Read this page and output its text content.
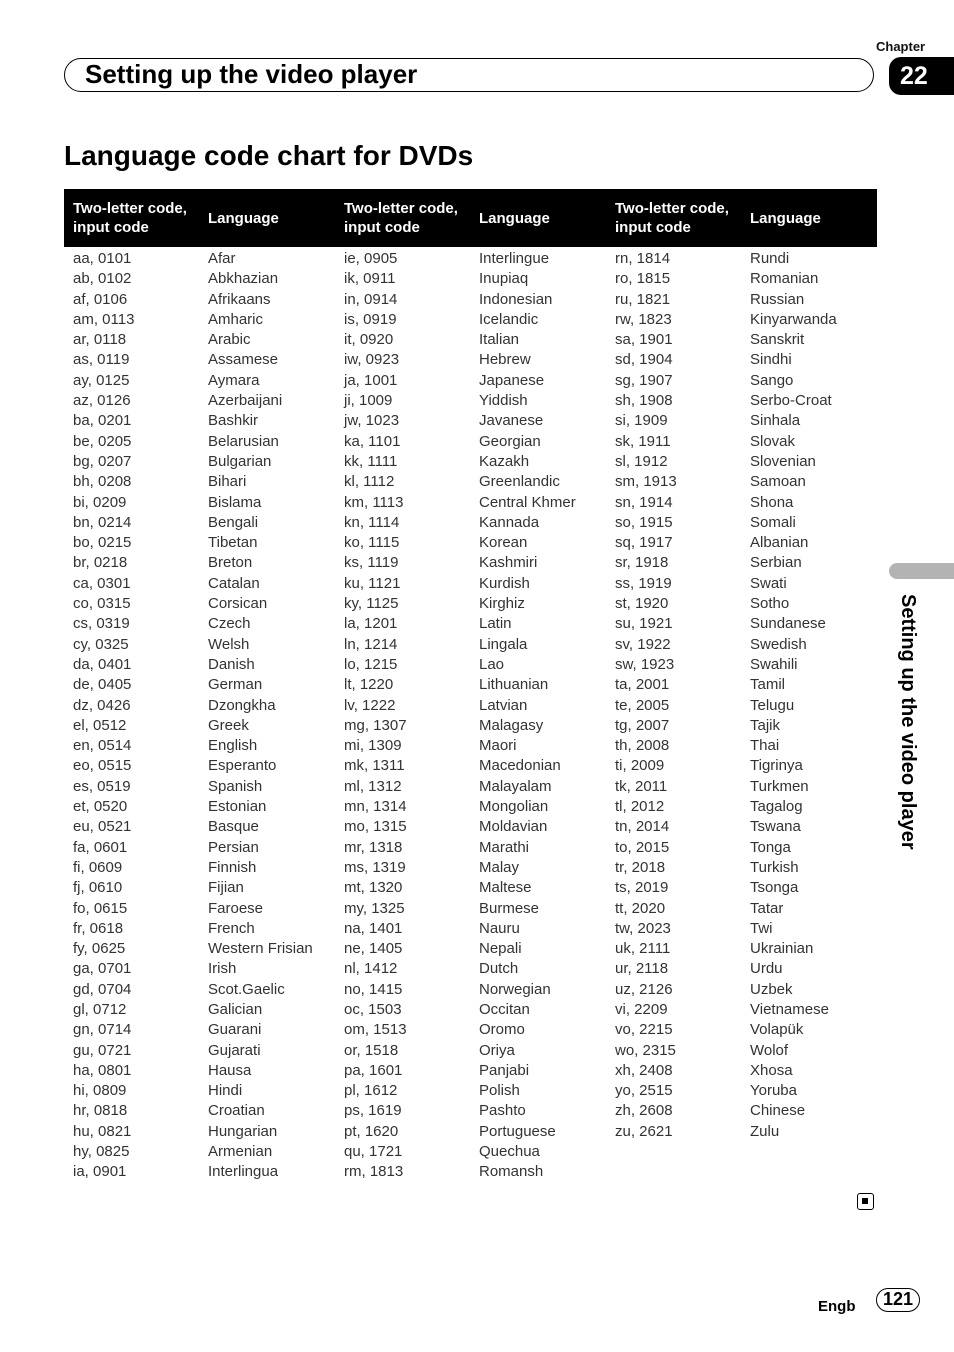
Chapter
22
Setting up the video player
Language code chart for DVDs
Two-letter code, input code	Language	Two-letter code, input code	Language	Two-letter code, input code	Language
aa, 0101	Afar	ie, 0905	Interlingue	rn, 1814	Rundi
ab, 0102	Abkhazian	ik, 0911	Inupiaq	ro, 1815	Romanian
af, 0106	Afrikaans	in, 0914	Indonesian	ru, 1821	Russian
am, 0113	Amharic	is, 0919	Icelandic	rw, 1823	Kinyarwanda
ar, 0118	Arabic	it, 0920	Italian	sa, 1901	Sanskrit
as, 0119	Assamese	iw, 0923	Hebrew	sd, 1904	Sindhi
ay, 0125	Aymara	ja, 1001	Japanese	sg, 1907	Sango
az, 0126	Azerbaijani	ji, 1009	Yiddish	sh, 1908	Serbo-Croat
ba, 0201	Bashkir	jw, 1023	Javanese	si, 1909	Sinhala
be, 0205	Belarusian	ka, 1101	Georgian	sk, 1911	Slovak
bg, 0207	Bulgarian	kk, 1111	Kazakh	sl, 1912	Slovenian
bh, 0208	Bihari	kl, 1112	Greenlandic	sm, 1913	Samoan
bi, 0209	Bislama	km, 1113	Central Khmer	sn, 1914	Shona
bn, 0214	Bengali	kn, 1114	Kannada	so, 1915	Somali
bo, 0215	Tibetan	ko, 1115	Korean	sq, 1917	Albanian
br, 0218	Breton	ks, 1119	Kashmiri	sr, 1918	Serbian
ca, 0301	Catalan	ku, 1121	Kurdish	ss, 1919	Swati
co, 0315	Corsican	ky, 1125	Kirghiz	st, 1920	Sotho
cs, 0319	Czech	la, 1201	Latin	su, 1921	Sundanese
cy, 0325	Welsh	ln, 1214	Lingala	sv, 1922	Swedish
da, 0401	Danish	lo, 1215	Lao	sw, 1923	Swahili
de, 0405	German	lt, 1220	Lithuanian	ta, 2001	Tamil
dz, 0426	Dzongkha	lv, 1222	Latvian	te, 2005	Telugu
el, 0512	Greek	mg, 1307	Malagasy	tg, 2007	Tajik
en, 0514	English	mi, 1309	Maori	th, 2008	Thai
eo, 0515	Esperanto	mk, 1311	Macedonian	ti, 2009	Tigrinya
es, 0519	Spanish	ml, 1312	Malayalam	tk, 2011	Turkmen
et, 0520	Estonian	mn, 1314	Mongolian	tl, 2012	Tagalog
eu, 0521	Basque	mo, 1315	Moldavian	tn, 2014	Tswana
fa, 0601	Persian	mr, 1318	Marathi	to, 2015	Tonga
fi, 0609	Finnish	ms, 1319	Malay	tr, 2018	Turkish
fj, 0610	Fijian	mt, 1320	Maltese	ts, 2019	Tsonga
fo, 0615	Faroese	my, 1325	Burmese	tt, 2020	Tatar
fr, 0618	French	na, 1401	Nauru	tw, 2023	Twi
fy, 0625	Western Frisian	ne, 1405	Nepali	uk, 2111	Ukrainian
ga, 0701	Irish	nl, 1412	Dutch	ur, 2118	Urdu
gd, 0704	Scot.Gaelic	no, 1415	Norwegian	uz, 2126	Uzbek
gl, 0712	Galician	oc, 1503	Occitan	vi, 2209	Vietnamese
gn, 0714	Guarani	om, 1513	Oromo	vo, 2215	Volapük
gu, 0721	Gujarati	or, 1518	Oriya	wo, 2315	Wolof
ha, 0801	Hausa	pa, 1601	Panjabi	xh, 2408	Xhosa
hi, 0809	Hindi	pl, 1612	Polish	yo, 2515	Yoruba
hr, 0818	Croatian	ps, 1619	Pashto	zh, 2608	Chinese
hu, 0821	Hungarian	pt, 1620	Portuguese	zu, 2621	Zulu
hy, 0825	Armenian	qu, 1721	Quechua		
ia, 0901	Interlingua	rm, 1813	Romansh		
Setting up the video player
Engb	121
